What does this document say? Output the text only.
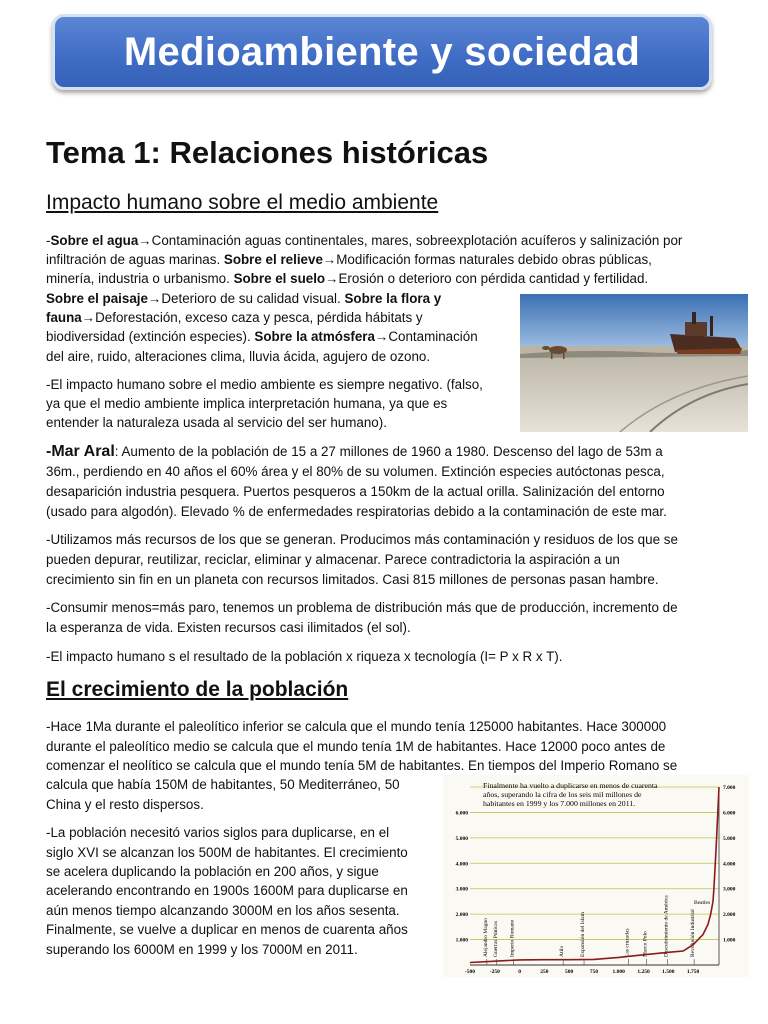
Medioambiente y sociedad
Tema 1: Relaciones históricas
Impacto humano sobre el medio ambiente
-Sobre el agua→Contaminación aguas continentales, mares, sobreexplotación acuíferos y salinización por
infiltración de aguas marinas. Sobre el relieve→Modificación formas naturales debido obras públicas,
minería, industria o urbanismo. Sobre el suelo→Erosión o deterioro con pérdida cantidad y fertilidad.
Sobre el paisaje→Deterioro de su calidad visual. Sobre la flora y
fauna→Deforestación, exceso caza y pesca, pérdida hábitats y
biodiversidad (extinción especies). Sobre la atmósfera→Contaminación
del aire, ruido, alteraciones clima, lluvia ácida, agujero de ozono.
-El impacto humano sobre el medio ambiente es siempre negativo. (falso,
ya que el medio ambiente implica interpretación humana, ya que es
entender la naturaleza usada al servicio del ser humano).
-Mar Aral: Aumento de la población de 15 a 27 millones de 1960 a 1980. Descenso del lago de 53m a
36m., perdiendo en 40 años el 60% área y el 80% de su volumen. Extinción especies autóctonas pesca,
desaparición industria pesquera. Puertos pesqueros a 150km de la actual orilla. Salinización del entorno
(usado para algodón). Elevado % de enfermedades respiratorias debido a la contaminación de este mar.
-Utilizamos más recursos de los que se generan. Producimos más contaminación y residuos de los que se
pueden depurar, reutilizar, reciclar, eliminar y almacenar. Parece contradictoria la aspiración a un
crecimiento sin fin en un planeta con recursos limitados. Casi 815 millones de personas pasan hambre.
-Consumir menos=más paro, tenemos un problema de distribución más que de producción, incremento de
la esperanza de vida. Existen recursos casi ilimitados (el sol).
-El impacto humano s el resultado de la población x riqueza x tecnología (I= P x R x T).
El crecimiento de la población
-Hace 1Ma durante el paleolítico inferior se calcula que el mundo tenía 125000 habitantes. Hace 300000
durante el paleolítico medio se calcula que el mundo tenía 1M de habitantes. Hace 12000 poco antes de
comenzar el neolítico se calcula que el mundo tenía 5M de habitantes. En tiempos del Imperio Romano se
calcula que había 150M de habitantes, 50 Mediterráneo, 50
China y el resto dispersos.
-La población necesitó varios siglos para duplicarse, en el
siglo XVI se alcanzan los 500M de habitantes. El crecimiento
se acelera duplicando la población en 200 años, y sigue
acelerando encontrando en 1900s 1600M para duplicarse en
aún menos tiempo alcanzando 3000M en los años sesenta.
Finalmente, se vuelve a duplicar en menos de cuarenta años
superando los 6000M en 1999 y los 7000M en 2011.
1.000
2.000
3.000
4.000
5.000
6.000
1.000
2.000
3.000
4.000
5.000
6.000
7.000
-500	-250	0	250	500	750	1.000 1.250 1.500 1.750
Alejandro Magno Guerras Púnicas Imperio Romano	Atila	Expansión del Islam	Las cruzadas Marco Polo	Descubrimiento de América	Revolución Industrial
Beatles
Finalmente ha vuelto a duplicarse en menos de cuarenta
años, superando la cifra de los seis mil millones de
habitantes en 1999 y los 7.000 millones en 2011.
